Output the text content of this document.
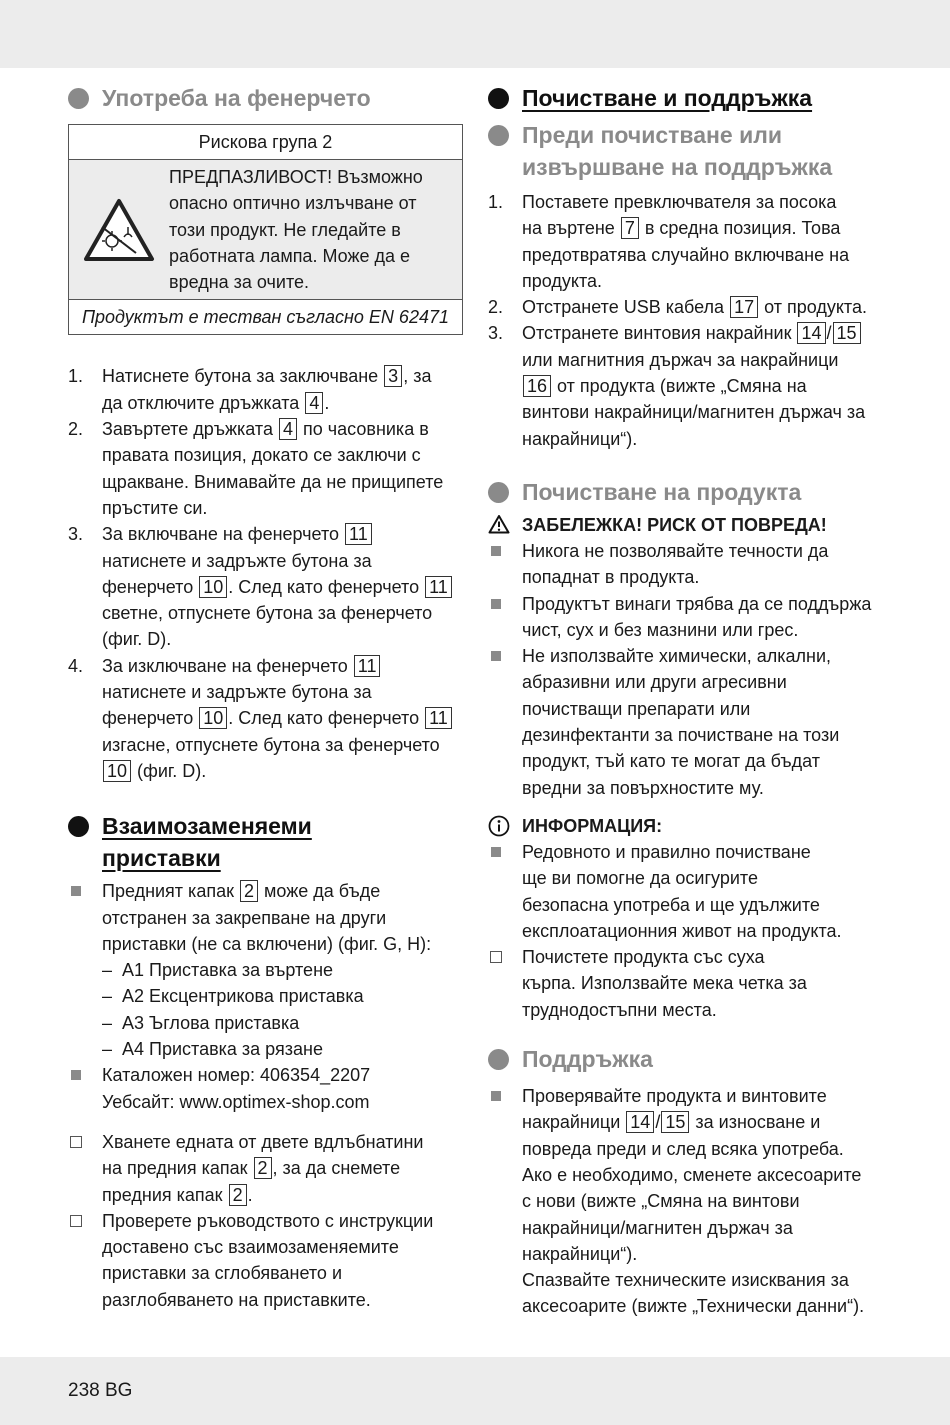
Употреба на фенерчето
Рискова група 2
ПРЕДПАЗЛИВОСТ! Възможно
опасно оптично излъчване от
този продукт. Не гледайте в
работната лампа. Може да е
вредна за очите.
Продуктът е тестван съгласно EN 62471
1. Натиснете бутона за заключване 3 , за
да отключите дръжката 4 .
2. Завъртете дръжката 4 по часовника в
правата позиция, докато се заключи с
щракване. Внимавайте да не прищипете
пръстите си.
3. За включване на фенерчето 11
натиснете и задръжте бутона за
фенерчето 10 . След като фенерчето 11
светне, отпуснете бутона за фенерчето
(фиг. D).
4. За изключване на фенерчето 11
натиснете и задръжте бутона за
фенерчето 10 . След като фенерчето 11
изгасне, отпуснете бутона за фенерчето
10 (фиг. D).
Взаимозаменяеми
приставки
Предният капак 2 може да бъде
отстранен за закрепване на други
приставки (не са включени) (фиг. G, H):
– A1 Приставка за въртене
– A2 Ексцентрикова приставка
– A3 Ъглова приставка
– A4 Приставка за рязане
Каталожен номер: 406354_2207
Уебсайт: www.optimex-shop.com
Хванете едната от двете вдлъбнатини
на предния капак 2 , за да снемете
предния капак 2 .
Проверете ръководството с инструкции
доставено със взаимозаменяемите
приставки за сглобяването и
разглобяването на приставките.
Почистване и поддръжка
Преди почистване или
извършване на поддръжка
1. Поставете превключвателя за посока
на въртене 7 в средна позиция. Това
предотвратява случайно включване на
продукта.
2. Отстранете USB кабела 17 от продукта.
3. Отстранете винтовия накрайник 14 / 15
или магнитния държач за накрайници
16 от продукта (вижте „Смяна на
винтови накрайници/магнитен държач за
накрайници“).
Почистване на продукта
ЗАБЕЛЕЖКА! РИСК ОТ ПОВРЕДА!
Никога не позволявайте течности да
попаднат в продукта.
Продуктът винаги трябва да се поддържа
чист, сух и без мазнини или грес.
Не използвайте химически, алкални,
абразивни или други агресивни
почистващи препарати или
дезинфектанти за почистване на този
продукт, тъй като те могат да бъдат
вредни за повърхностите му.
ИНФОРМАЦИЯ:
Редовното и правилно почистване
ще ви помогне да осигурите
безопасна употреба и ще удължите
експлоатационния живот на продукта.
Почистете продукта със суха
кърпа. Използвайте мека четка за
труднодостъпни места.
Поддръжка
Проверявайте продукта и винтовите
накрайници 14 / 15 за износване и
повреда преди и след всяка употреба.
Ако е необходимо, сменете аксесоарите
с нови (вижте „Смяна на винтови
накрайници/магнитен държач за
накрайници“).
Спазвайте техническите изисквания за
аксесоарите (вижте „Технически данни“).
238 BG
